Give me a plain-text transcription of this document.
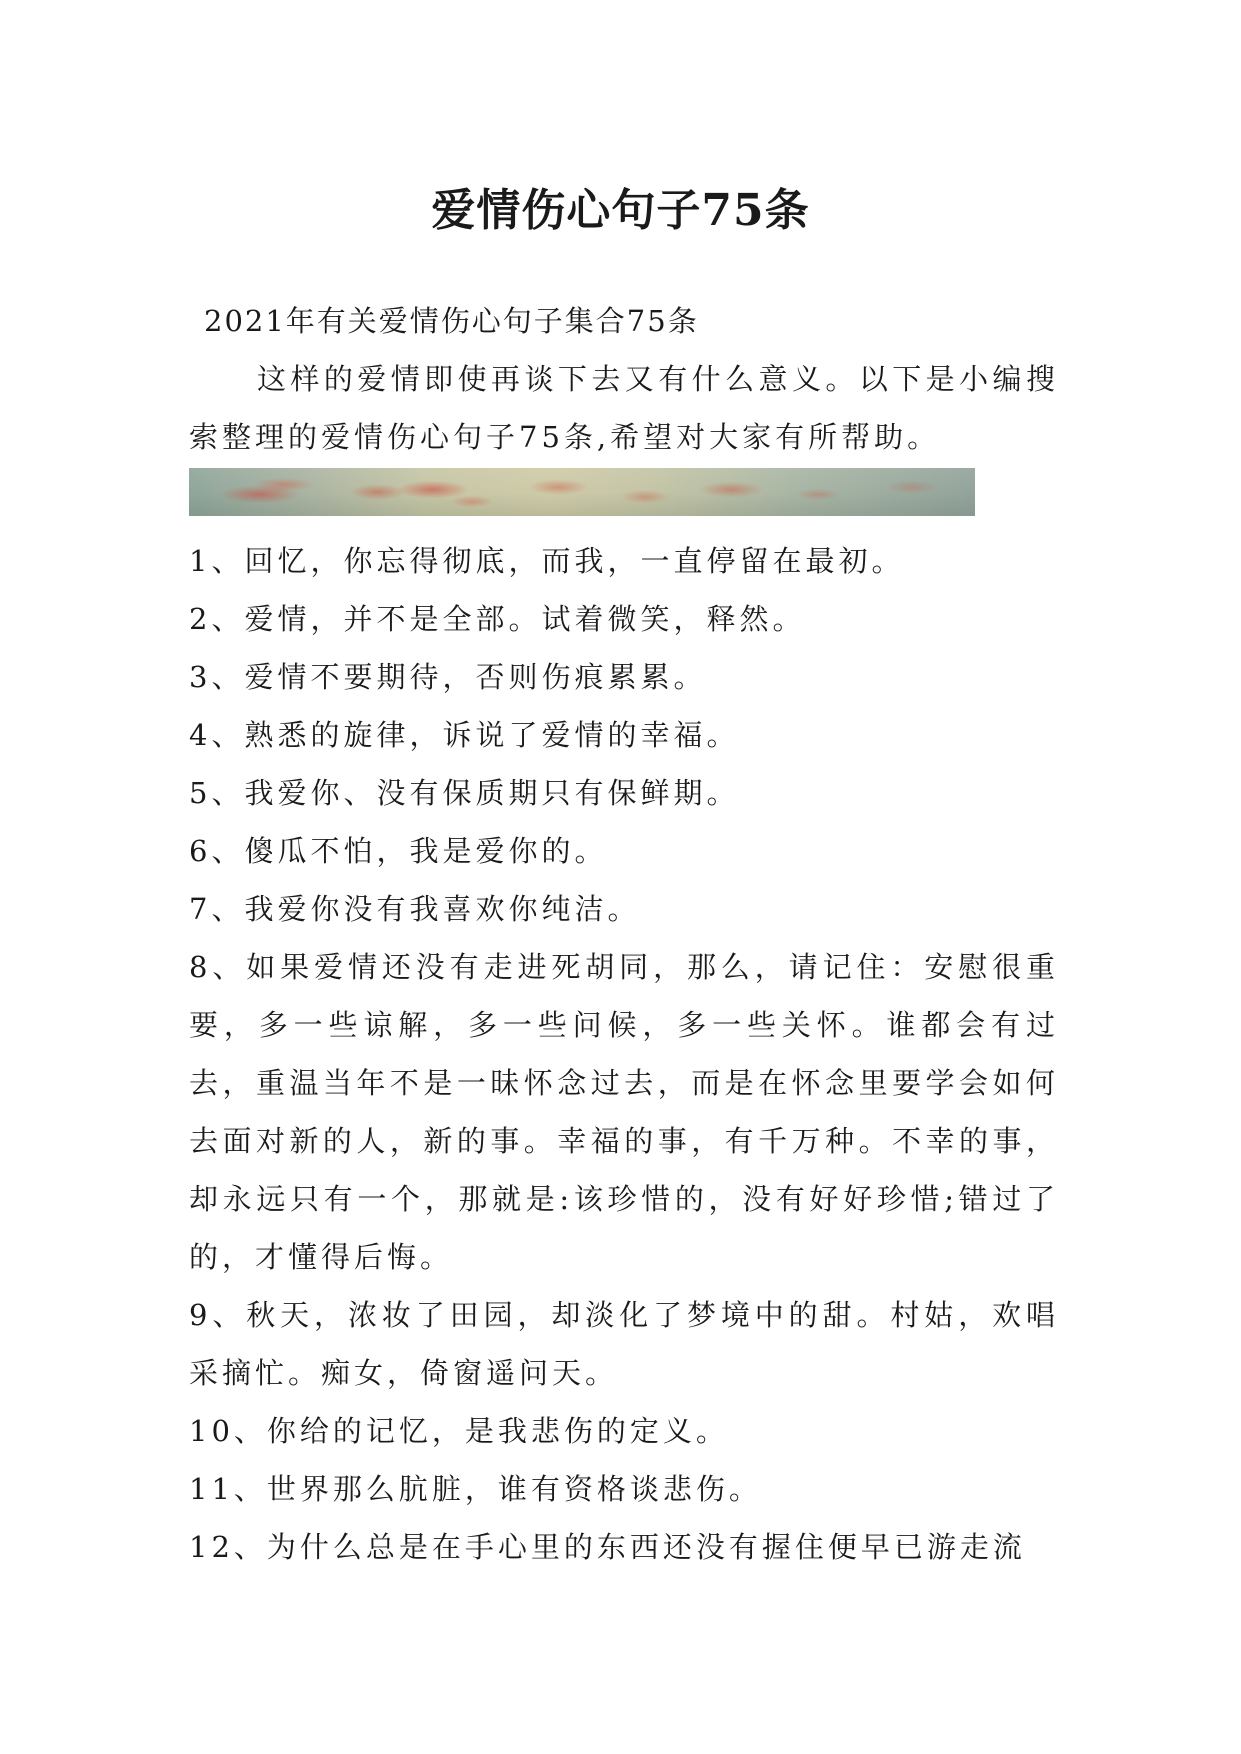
爱情伤心句子75条

2021年有关爱情伤心句子集合75条

这样的爱情即使再谈下去又有什么意义。以下是小编搜索整理的爱情伤心句子75条,希望对大家有所帮助。

1、回忆，你忘得彻底，而我，一直停留在最初。
2、爱情，并不是全部。试着微笑，释然。
3、爱情不要期待，否则伤痕累累。
4、熟悉的旋律，诉说了爱情的幸福。
5、我爱你、没有保质期只有保鲜期。
6、傻瓜不怕，我是爱你的。
7、我爱你没有我喜欢你纯洁。
8、如果爱情还没有走进死胡同，那么，请记住：安慰很重要，多一些谅解，多一些问候，多一些关怀。谁都会有过去，重温当年不是一昧怀念过去，而是在怀念里要学会如何去面对新的人，新的事。幸福的事，有千万种。不幸的事，却永远只有一个，那就是:该珍惜的，没有好好珍惜;错过了的，才懂得后悔。
9、秋天，浓妆了田园，却淡化了梦境中的甜。村姑，欢唱采摘忙。痴女，倚窗遥问天。
10、你给的记忆，是我悲伤的定义。
11、世界那么肮脏，谁有资格谈悲伤。
12、为什么总是在手心里的东西还没有握住便早已游走流
